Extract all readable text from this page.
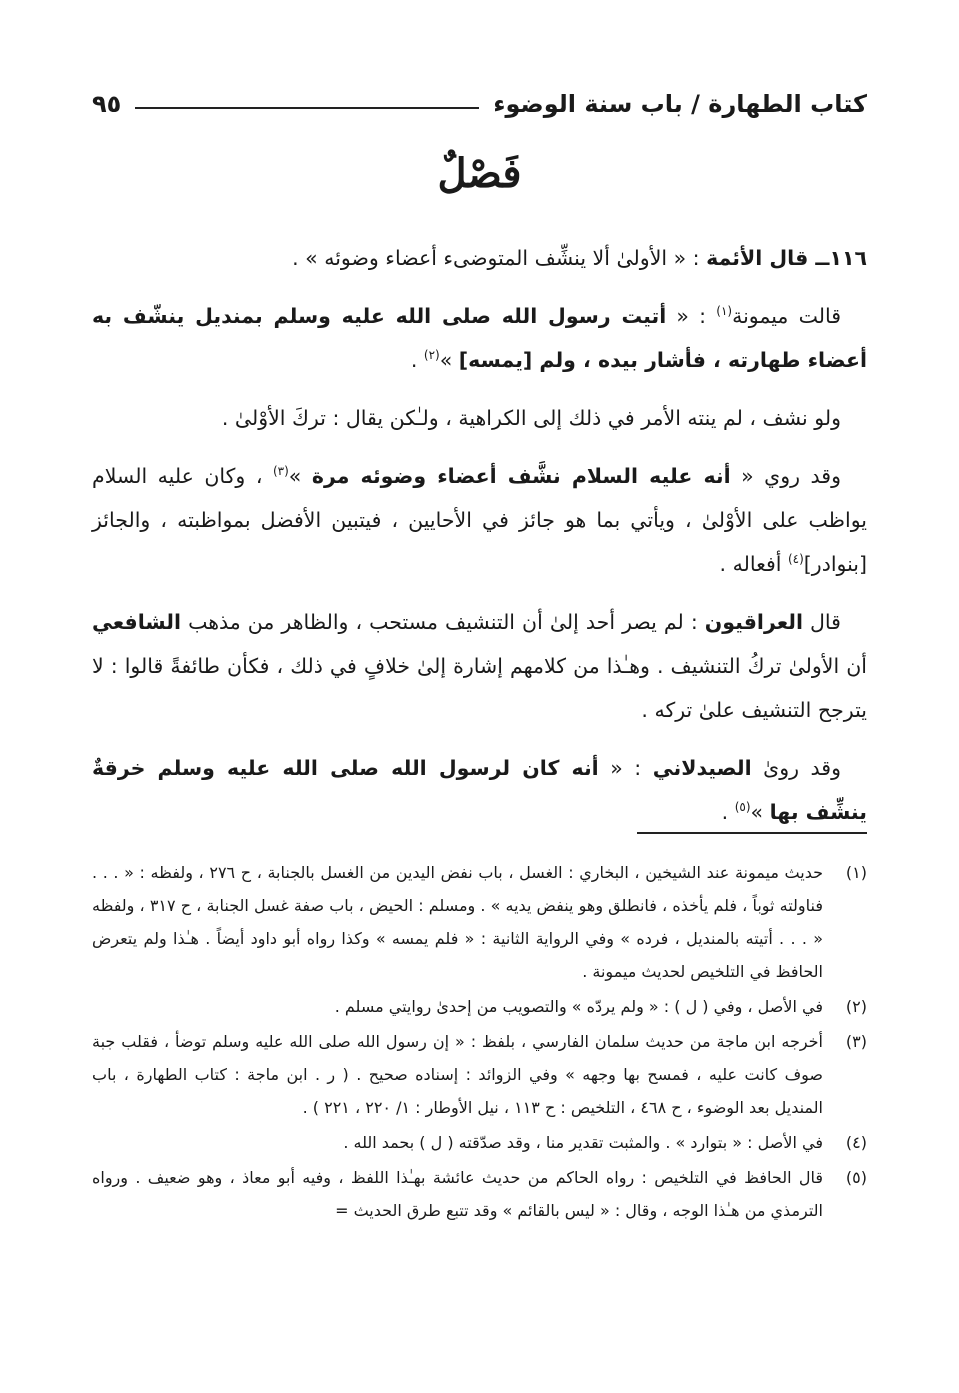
كتاب الطهارة / باب سنة الوضوء
٩٥
فَصْلٌ

١١٦ــ قال الأئمة : « الأولىٰ ألا ينشِّف المتوضىء أعضاء وضوئه » .

قالت ميمونة$^{(١)}$ : « أتيت رسول الله صلى الله عليه وسلم بمنديل ينشّف به أعضاء طهارته ، فأشار بيده ، ولم [يمسه] »$^{(٢)}$ .

ولو نشف ، لم ينته الأمر في ذلك إلى الكراهية ، ولـٰكن يقال : تركَ الأوْلىٰ .

وقد روي « أنه عليه السلام نشَّف أعضاء وضوئه مرة »$^{(٣)}$ ، وكان عليه السلام يواظب على الأوْلىٰ ، ويأتي بما هو جائز في الأحايين ، فيتبين الأفضل بمواظبته ، والجائز [بنوادر]$^{(٤)}$ أفعاله .

قال العراقيون : لم يصر أحد إلىٰ أن التنشيف مستحب ، والظاهر من مذهب الشافعي أن الأولىٰ تركُ التنشيف . وهـٰذا من كلامهم إشارة إلىٰ خلافٍ في ذلك ، فكأن طائفةً قالوا : لا يترجح التنشيف علىٰ تركه .

وقد روىٰ الصيدلاني : « أنه كان لرسول الله صلى الله عليه وسلم خرقةٌ ينشِّف بها »$^{(٥)}$ .

(١)
حديث ميمونة عند الشيخين ، البخاري : الغسل ، باب نفض اليدين من الغسل بالجنابة ، ح ٢٧٦ ، ولفظه : « . . . فناولته ثوباً ، فلم يأخذه ، فانطلق وهو ينفض يديه » . ومسلم : الحيض ، باب صفة غسل الجنابة ، ح ٣١٧ ، ولفظه « . . . أتيته بالمنديل ، فرده » وفي الرواية الثانية : « فلم يمسه » وكذا رواه أبو داود أيضاً . هـٰذا ولم يتعرض الحافظ في التلخيص لحديث ميمونة .
(٢)
في الأصل ، وفي ( ل ) : « ولم يردّه » والتصويب من إحدىٰ روايتي مسلم .
(٣)
أخرجه ابن ماجة من حديث سلمان الفارسي ، بلفظ : « إن رسول الله صلى الله عليه وسلم توضأ ، فقلب جبة صوف كانت عليه ، فمسح بها وجهه » وفي الزوائد : إسناده صحيح . ( ر . ابن ماجة : كتاب الطهارة ، باب المنديل بعد الوضوء ، ح ٤٦٨ ، التلخيص : ح ١١٣ ، نيل الأوطار : ١/ ٢٢٠ ، ٢٢١ ) .
(٤)
في الأصل : « بتوارد » . والمثبت تقدير منا ، وقد صدّقته ( ل ) بحمد الله .
(٥)
قال الحافظ في التلخيص : رواه الحاكم من حديث عائشة بهـٰذا اللفظ ، وفيه أبو معاذ ، وهو ضعيف . ورواه الترمذي من هـٰذا الوجه ، وقال : « ليس بالقائم » وقد تتبع طرق الحديث =
